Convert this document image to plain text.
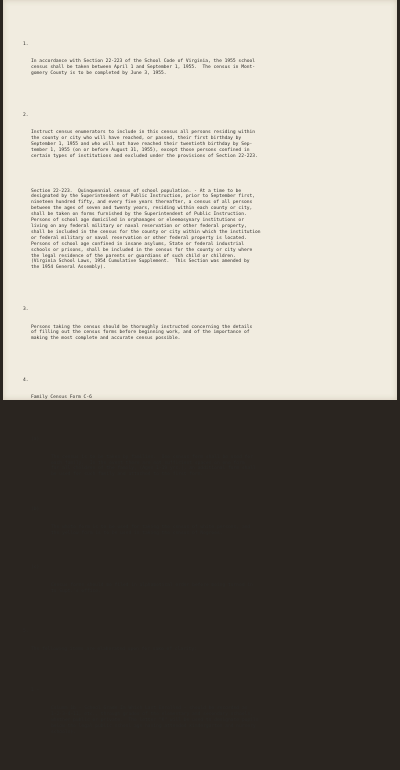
1.

In accordance with Section 22-223 of the School Code of Virginia, the 1955 school
census shall be taken between April 1 and September 1, 1955.  The census in Mont-
gomery County is to be completed by June 3, 1955.

2.

Instruct census enumerators to include in this census all persons residing within
the county or city who will have reached, or passed, their first birthday by
September 1, 1955 and who will not have reached their twentieth birthday by Sep-
tember 1, 1955 (on or before August 31, 1955), except those persons confined in
certain types of institutions and excluded under the provisions of Section 22-223.

Section 22-223.  Quinquennial census of school population. - At a time to be
designated by the Superintendent of Public Instruction, prior to September first,
nineteen hundred fifty, and every five years thereafter, a census of all persons
between the ages of seven and twenty years, residing within each county or city,
shall be taken on forms furnished by the Superintendent of Public Instruction.
Persons of school age domiciled in orphanages or eleemosynary institutions or
living on any federal military or naval reservation or other federal property,
shall be included in the census for the county or city within which the institution
or federal military or naval reservation or other federal property is located.
Persons of school age confined in insane asylums, State or federal industrial
schools or prisons, shall be included in the census for the county or city where
the legal residence of the parents or guardians of such child or children.
(Virginia School Laws, 1954 Cumulative Supplement.  This Section was amended by
the 1954 General Assembly).

3.

Persons taking the census should be thoroughly instructed concerning the details
of filling out the census forms before beginning work, and of the importance of
making the most complete and accurate census possible.

4.

Family Census Form C-6

(a)

The census is to be taken by families.  One census form shall be used for
each family.  In the event there are not sufficient spaces on one form
for all children of the family, (Ages 1-19 yrs.), an additional form shall
be used for such family and attached to the first form.

(b)

The white form is to be used for taking the census of white persons, and
the yellow form is to be used in taking the census of Negroes.

(c)

Census forms should be filed in alphabetical order before being turned in
to Supt.'s office.

5.

The following items are elaborated upon for sake of clarity:

1 -

Column 1b - School Grade In Which Last Enrolled - should be recorded as
1-2-3-4-11, etc., through grades of the elementary and secondary schools,
whether public or private.  The letter "K" will be used to designate pupils
below the legal public school age having attended kindergarten and nursery
schools).
